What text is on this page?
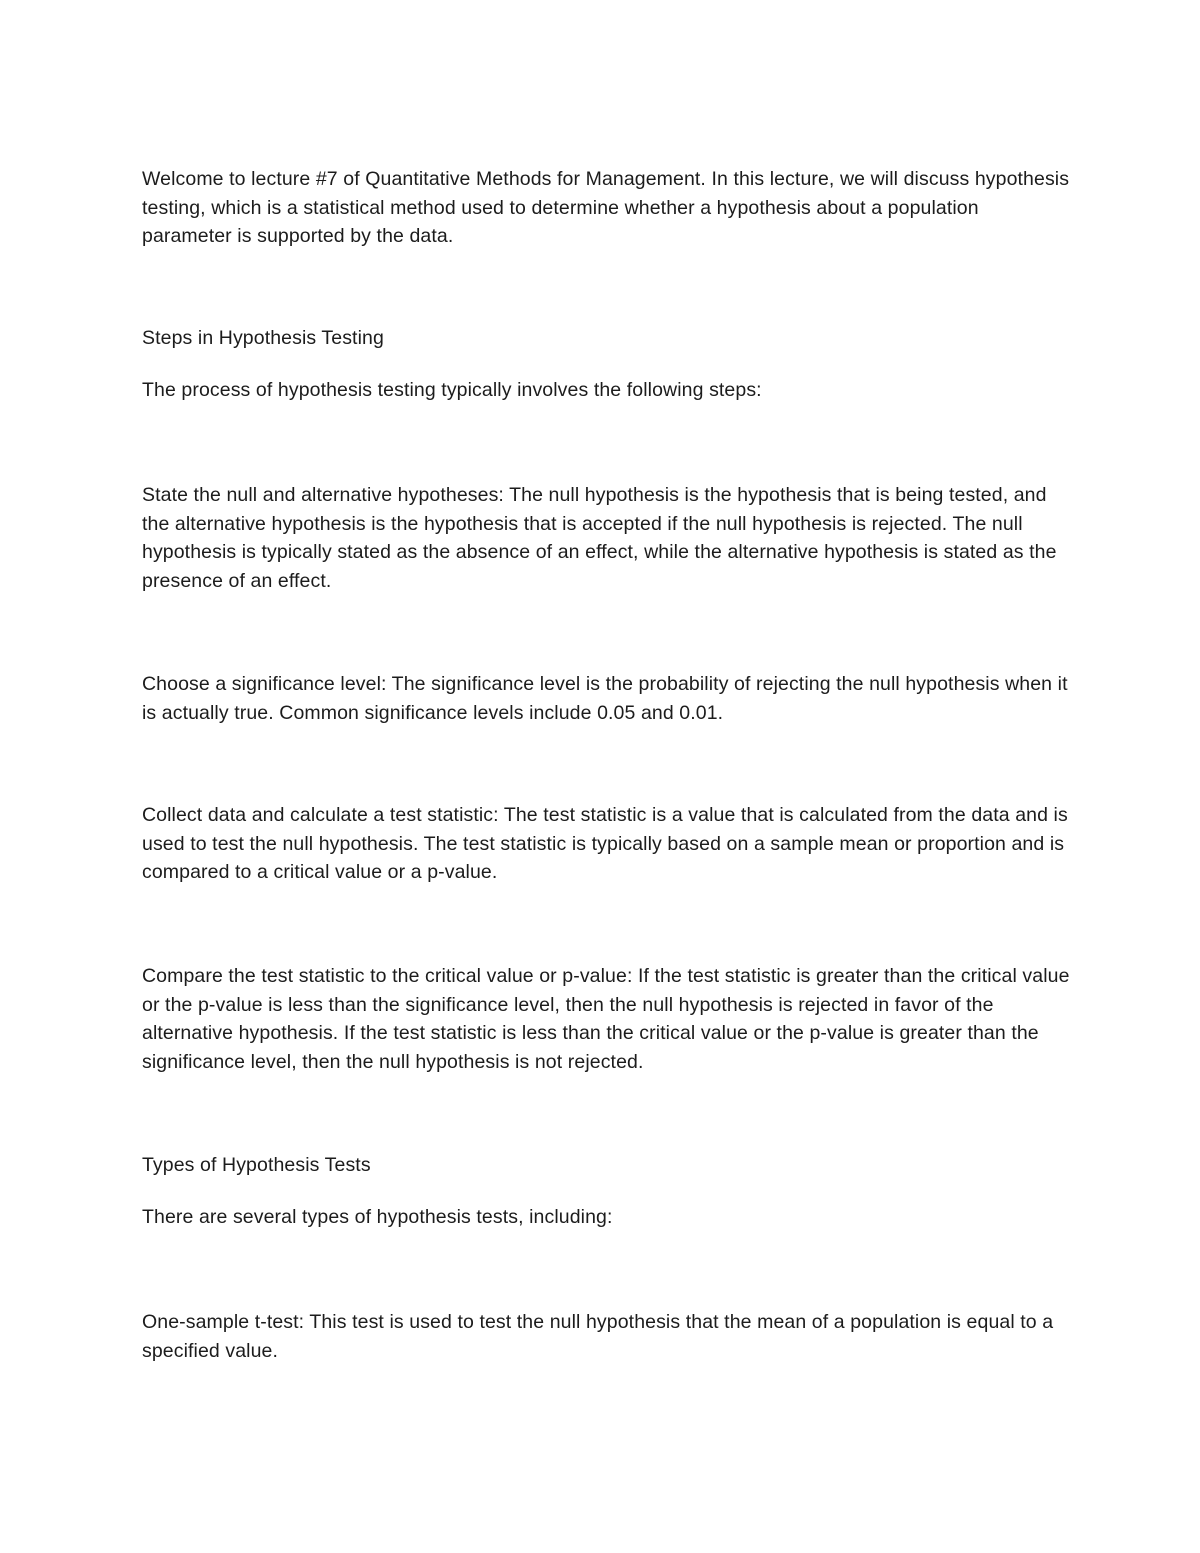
Welcome to lecture #7 of Quantitative Methods for Management. In this lecture, we will discuss hypothesis testing, which is a statistical method used to determine whether a hypothesis about a population parameter is supported by the data.

Steps in Hypothesis Testing

The process of hypothesis testing typically involves the following steps:

State the null and alternative hypotheses: The null hypothesis is the hypothesis that is being tested, and the alternative hypothesis is the hypothesis that is accepted if the null hypothesis is rejected. The null hypothesis is typically stated as the absence of an effect, while the alternative hypothesis is stated as the presence of an effect.

Choose a significance level: The significance level is the probability of rejecting the null hypothesis when it is actually true. Common significance levels include 0.05 and 0.01.

Collect data and calculate a test statistic: The test statistic is a value that is calculated from the data and is used to test the null hypothesis. The test statistic is typically based on a sample mean or proportion and is compared to a critical value or a p-value.

Compare the test statistic to the critical value or p-value: If the test statistic is greater than the critical value or the p-value is less than the significance level, then the null hypothesis is rejected in favor of the alternative hypothesis. If the test statistic is less than the critical value or the p-value is greater than the significance level, then the null hypothesis is not rejected.

Types of Hypothesis Tests

There are several types of hypothesis tests, including:

One-sample t-test: This test is used to test the null hypothesis that the mean of a population is equal to a specified value.
